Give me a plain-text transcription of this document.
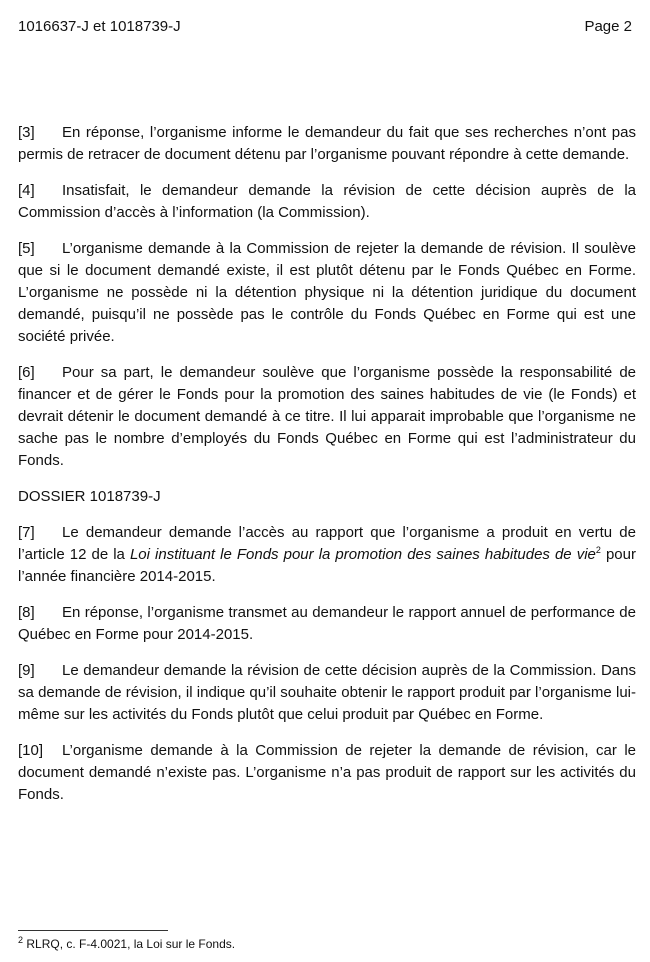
1016637-J et 1018739-J	Page 2

[3] En réponse, l’organisme informe le demandeur du fait que ses recherches n’ont pas permis de retracer de document détenu par l’organisme pouvant répondre à cette demande.

[4] Insatisfait, le demandeur demande la révision de cette décision auprès de la Commission d’accès à l’information (la Commission).

[5] L’organisme demande à la Commission de rejeter la demande de révision. Il soulève que si le document demandé existe, il est plutôt détenu par le Fonds Québec en Forme. L’organisme ne possède ni la détention physique ni la détention juridique du document demandé, puisqu’il ne possède pas le contrôle du Fonds Québec en Forme qui est une société privée.

[6] Pour sa part, le demandeur soulève que l’organisme possède la responsabilité de financer et de gérer le Fonds pour la promotion des saines habitudes de vie (le Fonds) et devrait détenir le document demandé à ce titre. Il lui apparait improbable que l’organisme ne sache pas le nombre d’employés du Fonds Québec en Forme qui est l’administrateur du Fonds.

DOSSIER 1018739-J

[7] Le demandeur demande l’accès au rapport que l’organisme a produit en vertu de l’article 12 de la Loi instituant le Fonds pour la promotion des saines habitudes de vie$^2$ pour l’année financière 2014-2015.

[8] En réponse, l’organisme transmet au demandeur le rapport annuel de performance de Québec en Forme pour 2014-2015.

[9] Le demandeur demande la révision de cette décision auprès de la Commission. Dans sa demande de révision, il indique qu’il souhaite obtenir le rapport produit par l’organisme lui-même sur les activités du Fonds plutôt que celui produit par Québec en Forme.

[10] L’organisme demande à la Commission de rejeter la demande de révision, car le document demandé n’existe pas. L’organisme n’a pas produit de rapport sur les activités du Fonds.

$^2$ RLRQ, c. F-4.0021, la Loi sur le Fonds.
